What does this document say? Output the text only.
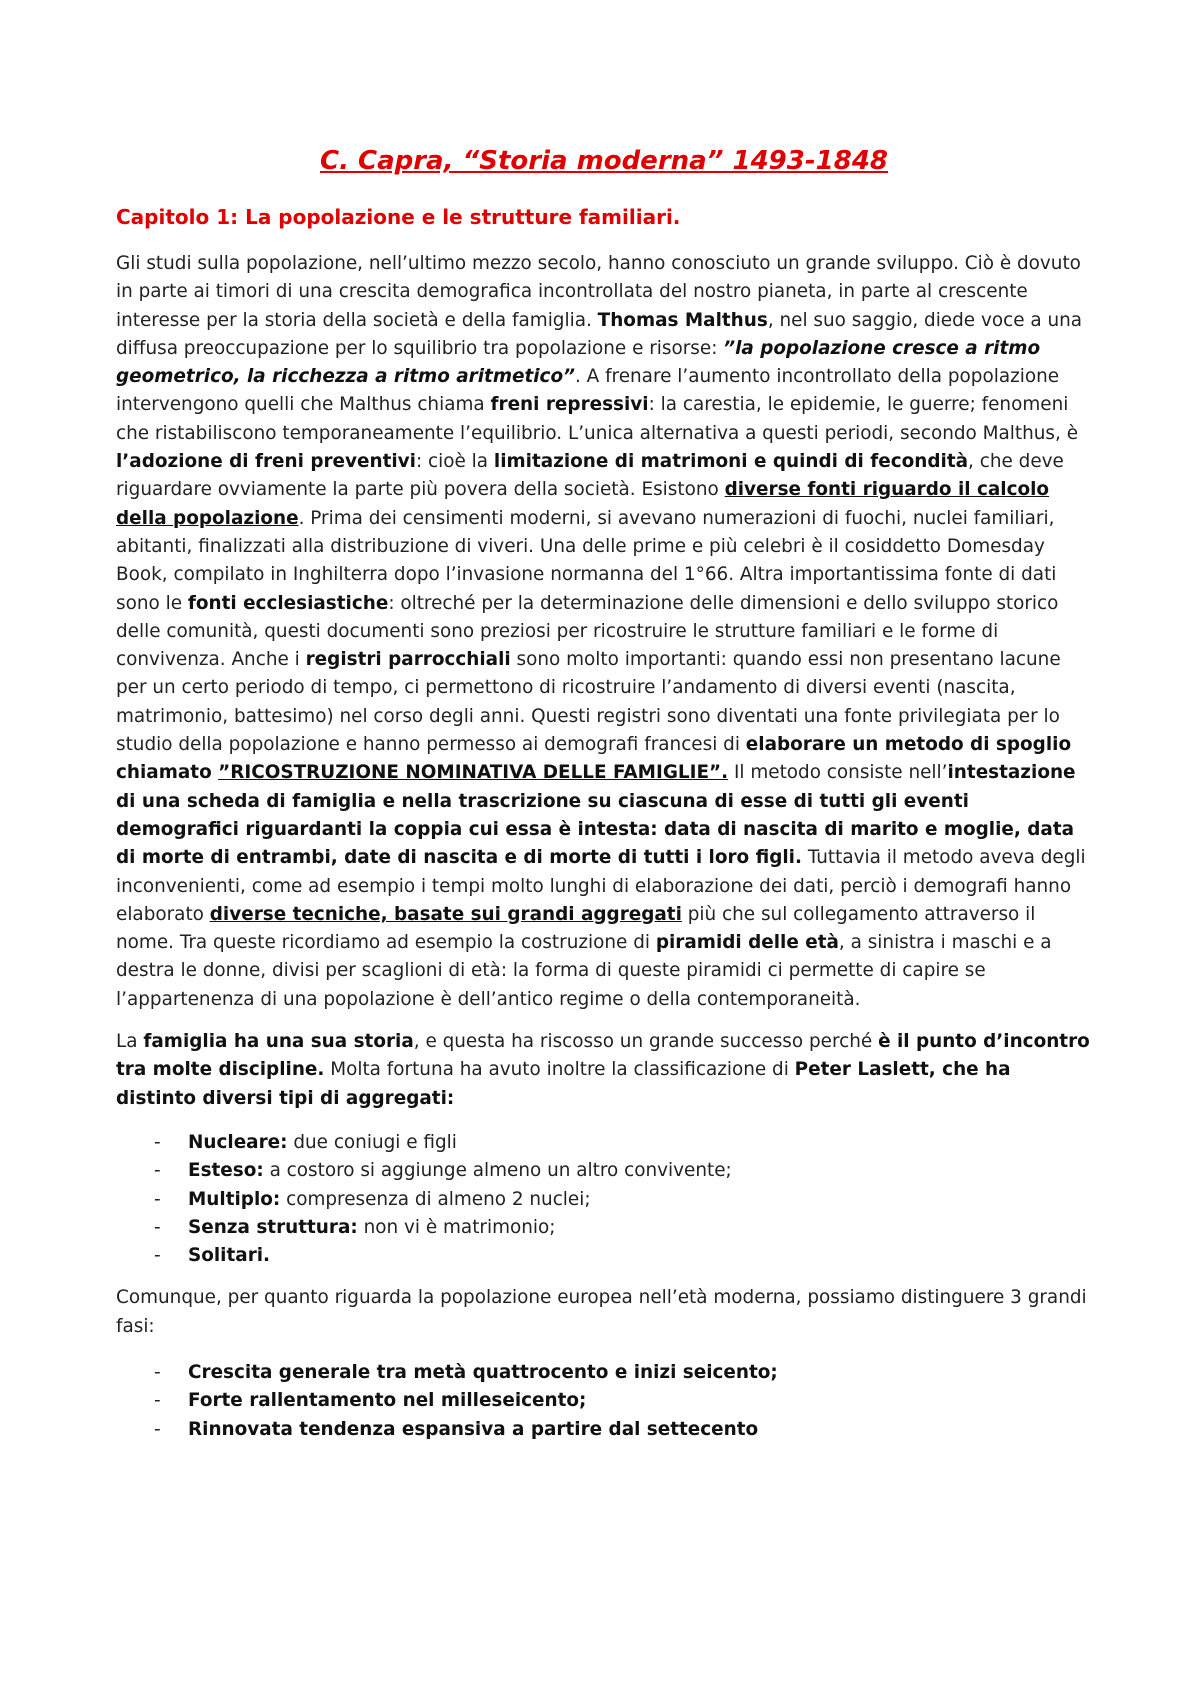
C. Capra, “Storia moderna” 1493-1848
Capitolo 1: La popolazione e le strutture familiari.

Gli studi sulla popolazione, nell’ultimo mezzo secolo, hanno conosciuto un grande sviluppo. Ciò è dovuto in parte ai timori di una crescita demografica incontrollata del nostro pianeta, in parte al crescente interesse per la storia della società e della famiglia. Thomas Malthus, nel suo saggio, diede voce a una diffusa preoccupazione per lo squilibrio tra popolazione e risorse: ”la popolazione cresce a ritmo geometrico, la ricchezza a ritmo aritmetico”. A frenare l’aumento incontrollato della popolazione intervengono quelli che Malthus chiama freni repressivi: la carestia, le epidemie, le guerre; fenomeni che ristabiliscono temporaneamente l’equilibrio. L’unica alternativa a questi periodi, secondo Malthus, è l’adozione di freni preventivi: cioè la limitazione di matrimoni e quindi di fecondità, che deve riguardare ovviamente la parte più povera della società. Esistono diverse fonti riguardo il calcolo della popolazione. Prima dei censimenti moderni, si avevano numerazioni di fuochi, nuclei familiari, abitanti, finalizzati alla distribuzione di viveri. Una delle prime e più celebri è il cosiddetto Domesday Book, compilato in Inghilterra dopo l’invasione normanna del 1°66. Altra importantissima fonte di dati sono le fonti ecclesiastiche: oltreché per la determinazione delle dimensioni e dello sviluppo storico delle comunità, questi documenti sono preziosi per ricostruire le strutture familiari e le forme di convivenza. Anche i registri parrocchiali sono molto importanti: quando essi non presentano lacune per un certo periodo di tempo, ci permettono di ricostruire l’andamento di diversi eventi (nascita, matrimonio, battesimo) nel corso degli anni. Questi registri sono diventati una fonte privilegiata per lo studio della popolazione e hanno permesso ai demografi francesi di elaborare un metodo di spoglio chiamato ”RICOSTRUZIONE NOMINATIVA DELLE FAMIGLIE”. Il metodo consiste nell’intestazione di una scheda di famiglia e nella trascrizione su ciascuna di esse di tutti gli eventi demografici riguardanti la coppia cui essa è intesta: data di nascita di marito e moglie, data di morte di entrambi, date di nascita e di morte di tutti i loro figli. Tuttavia il metodo aveva degli inconvenienti, come ad esempio i tempi molto lunghi di elaborazione dei dati, perciò i demografi hanno elaborato diverse tecniche, basate sui grandi aggregati più che sul collegamento attraverso il nome. Tra queste ricordiamo ad esempio la costruzione di piramidi delle età, a sinistra i maschi e a destra le donne, divisi per scaglioni di età: la forma di queste piramidi ci permette di capire se l’appartenenza di una popolazione è dell’antico regime o della contemporaneità.

La famiglia ha una sua storia, e questa ha riscosso un grande successo perché è il punto d’incontro tra molte discipline. Molta fortuna ha avuto inoltre la classificazione di Peter Laslett, che ha distinto diversi tipi di aggregati:

- Nucleare: due coniugi e figli
- Esteso: a costoro si aggiunge almeno un altro convivente;
- Multiplo: compresenza di almeno 2 nuclei;
- Senza struttura: non vi è matrimonio;
- Solitari.

Comunque, per quanto riguarda la popolazione europea nell’età moderna, possiamo distinguere 3 grandi fasi:

- Crescita generale tra metà quattrocento e inizi seicento;
- Forte rallentamento nel milleseicento;
- Rinnovata tendenza espansiva a partire dal settecento
